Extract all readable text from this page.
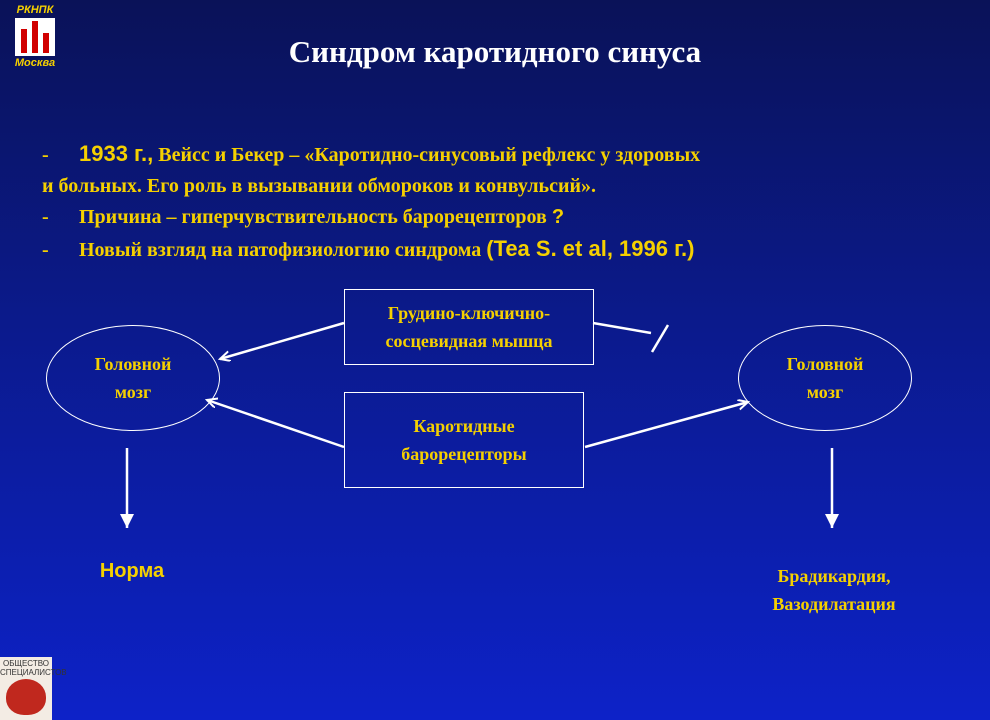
РКНПК
Москва	Синдром каротидного синуса
- 1933 г., Вейсс и Бекер – «Каротидно-синусовый рефлекс у здоровых
и больных. Его роль в вызывании обмороков и конвульсий».
- Причина – гиперчувствительность барорецепторов ?
- Новый взгляд на патофизиологию синдрома (Tea S. et al, 1996 г.)
Головной
мозг
Головной
мозг
Грудино-ключично-
сосцевидная мышца
Каротидные
барорецепторы
Норма	Брадикардия,
Вазодилатация
ОБЩЕСТВО СПЕЦИАЛИСТОВ
